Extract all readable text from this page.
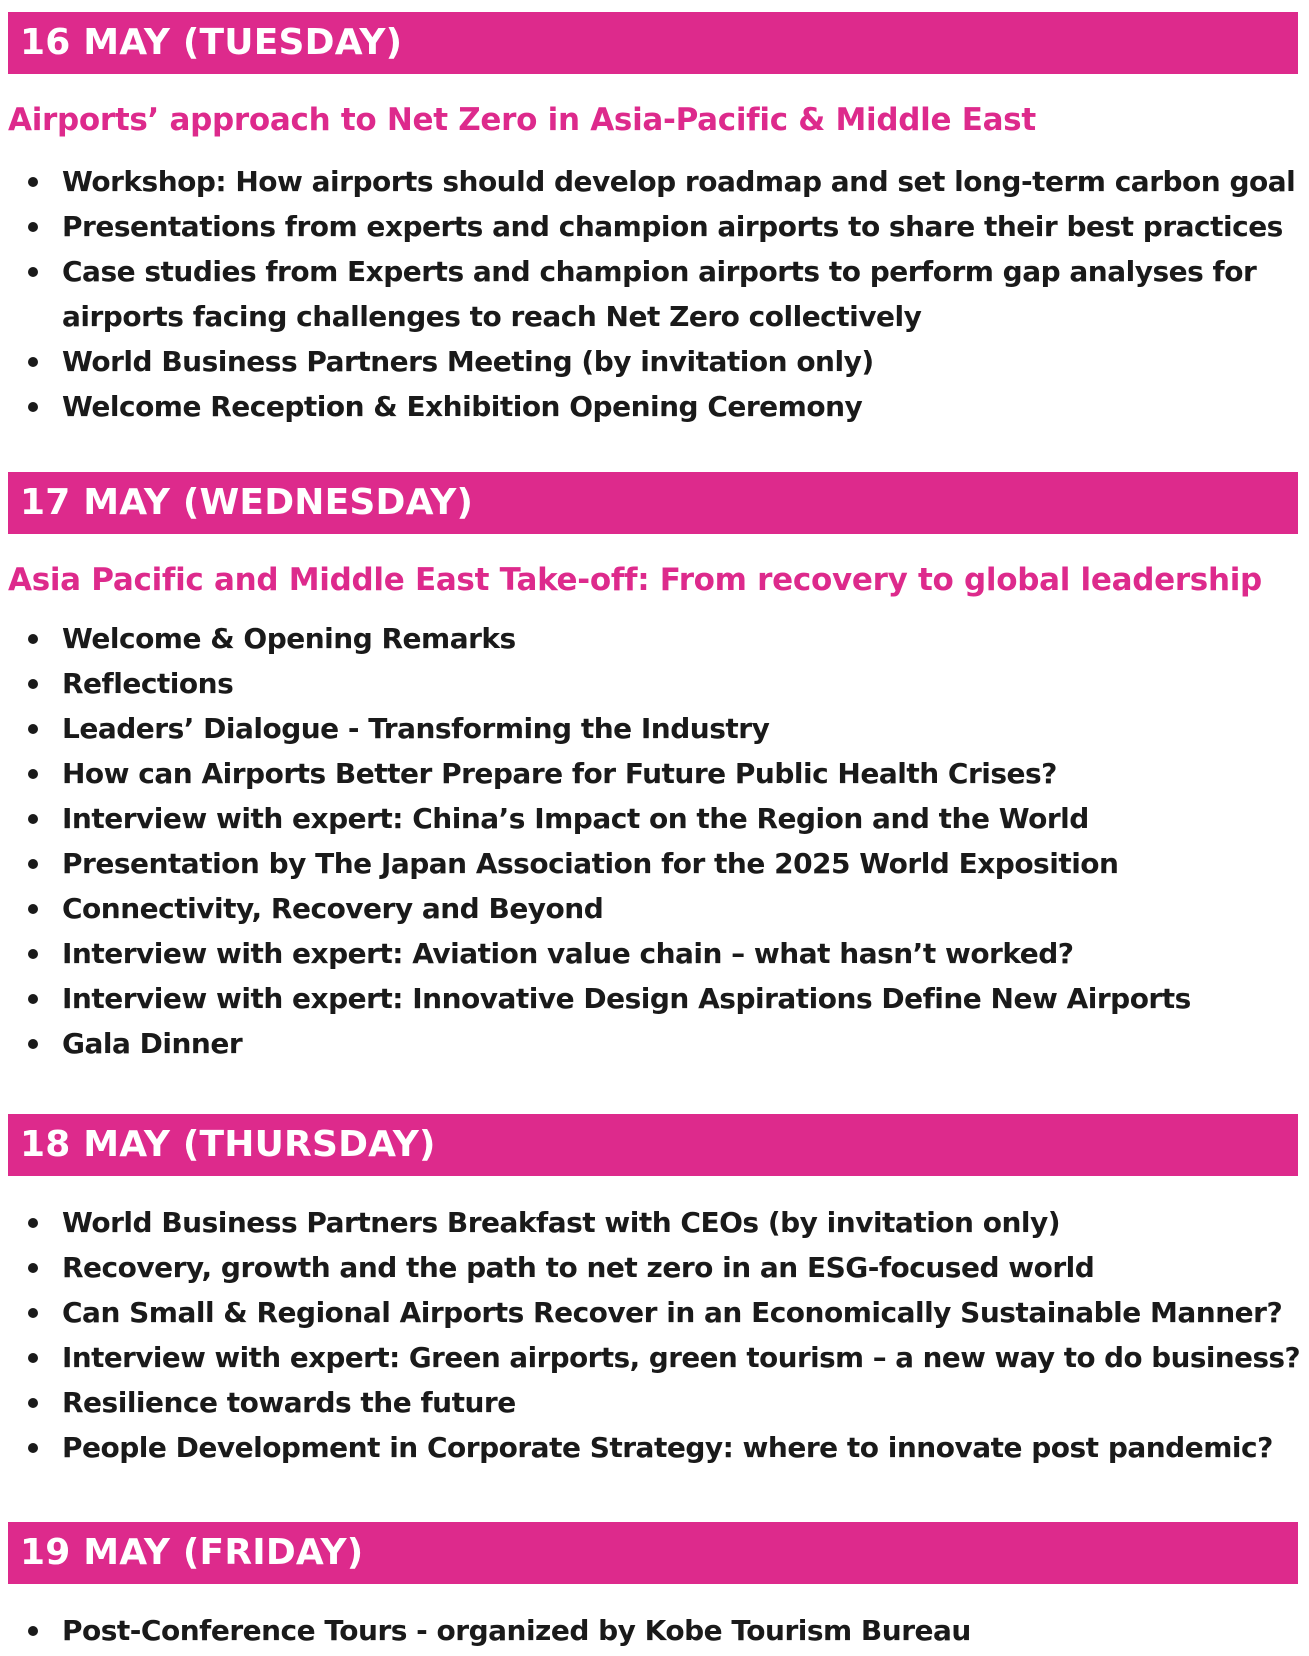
16 MAY (TUESDAY)
Airports’ approach to Net Zero in Asia-Pacific & Middle East
Workshop: How airports should develop roadmap and set long-term carbon goal
Presentations from experts and champion airports to share their best practices
Case studies from Experts and champion airports to perform gap analyses for
airports facing challenges to reach Net Zero collectively
World Business Partners Meeting (by invitation only)
Welcome Reception & Exhibition Opening Ceremony
17 MAY (WEDNESDAY)
Asia Pacific and Middle East Take-off: From recovery to global leadership
Welcome & Opening Remarks
Reflections
Leaders’ Dialogue - Transforming the Industry
How can Airports Better Prepare for Future Public Health Crises?
Interview with expert: China’s Impact on the Region and the World
Presentation by The Japan Association for the 2025 World Exposition
Connectivity, Recovery and Beyond
Interview with expert: Aviation value chain – what hasn’t worked?
Interview with expert: Innovative Design Aspirations Define New Airports
Gala Dinner
18 MAY (THURSDAY)
World Business Partners Breakfast with CEOs (by invitation only)
Recovery, growth and the path to net zero in an ESG-focused world
Can Small & Regional Airports Recover in an Economically Sustainable Manner?
Interview with expert: Green airports, green tourism – a new way to do business?
Resilience towards the future
People Development in Corporate Strategy: where to innovate post pandemic?
19 MAY (FRIDAY)
Post-Conference Tours - organized by Kobe Tourism Bureau
